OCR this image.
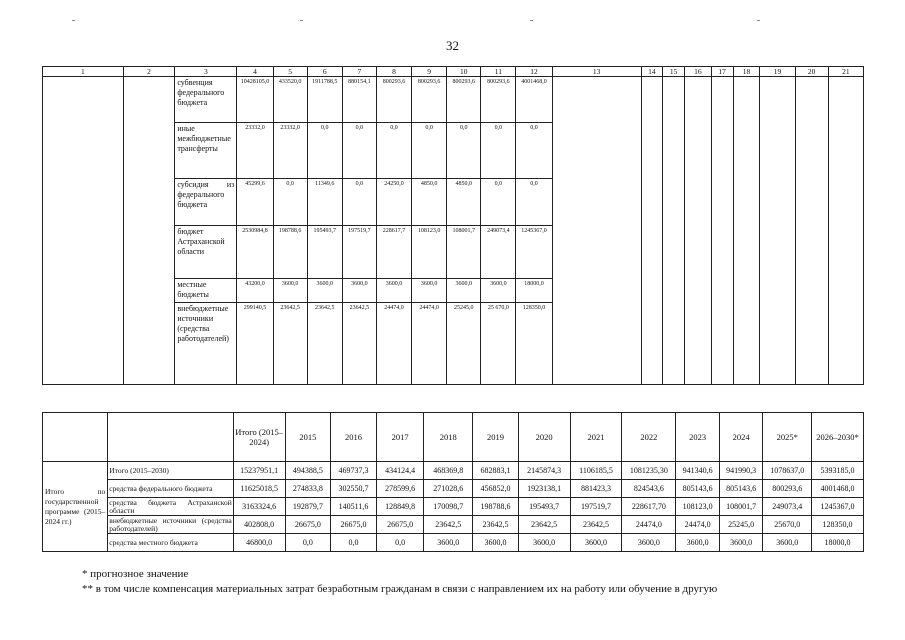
32
1	2	3	4	5	6	7	8	9	10	11	12	13	14	15	16	17	18	19	20	21
		субвенция федерального бюджета	10428105,0	433520,0	1911788,5	880154,1	800293,6	800293,6	800293,6	800293,6	4001468,0									
		иные межбюджетные трансферты	23332,0	23332,0	0,0	0,0	0,0	0,0	0,0	0,0	0,0									
		субсидия из федерального бюджета	45299,6	0,0	11349,6	0,0	24250,0	4850,0	4850,0	0,0	0,0									
		бюджет Астраханской области	2530984,8	198788,6	195493,7	197519,7	228617,7	108123,0	108001,7	249073,4	1245367,0									
		местные бюджеты	43200,0	3600,0	3600,0	3600,0	3600,0	3600,0	3600,0	3600,0	18000,0									
		внебюджетные источники (средства работодателей)	299140,5	23642,5	23642,5	23642,5	24474,0	24474,0	25245,0	25 670,0	128350,0									
		Итого (2015–2024)	2015	2016	2017	2018	2019	2020	2021	2022	2023	2024	2025*	2026–2030*
Итого по государственной программе (2015–2024 гг.)	Итого (2015–2030)	15237951,1	494388,5	469737,3	434124,4	468369,8	682883,1	2145874,3	1106185,5	1081235,30	941340,6	941990,3	1078637,0	5393185,0
	средства федерального бюджета	11625018,5	274833,8	302550,7	278599,6	271028,6	456852,0	1923138,1	881423,3	824543,6	805143,6	805143,6	800293,6	4001468,0
	средства бюджета Астраханской области	3163324,6	192879,7	140511,6	128849,8	170098,7	198788,6	195493,7	197519,7	228617,70	108123,0	108001,7	249073,4	1245367,0
	внебюджетные источники (средства работодателей)	402808,0	26675,0	26675,0	26675,0	23642,5	23642,5	23642,5	23642,5	24474,0	24474,0	25245,0	25670,0	128350,0
	средства местного бюджета	46800,0	0,0	0,0	0,0	3600,0	3600,0	3600,0	3600,0	3600,0	3600,0	3600,0	3600,0	18000,0
* прогнозное значение
** в том числе компенсация материальных затрат безработным гражданам в связи с направлением их на работу или обучение в другую
